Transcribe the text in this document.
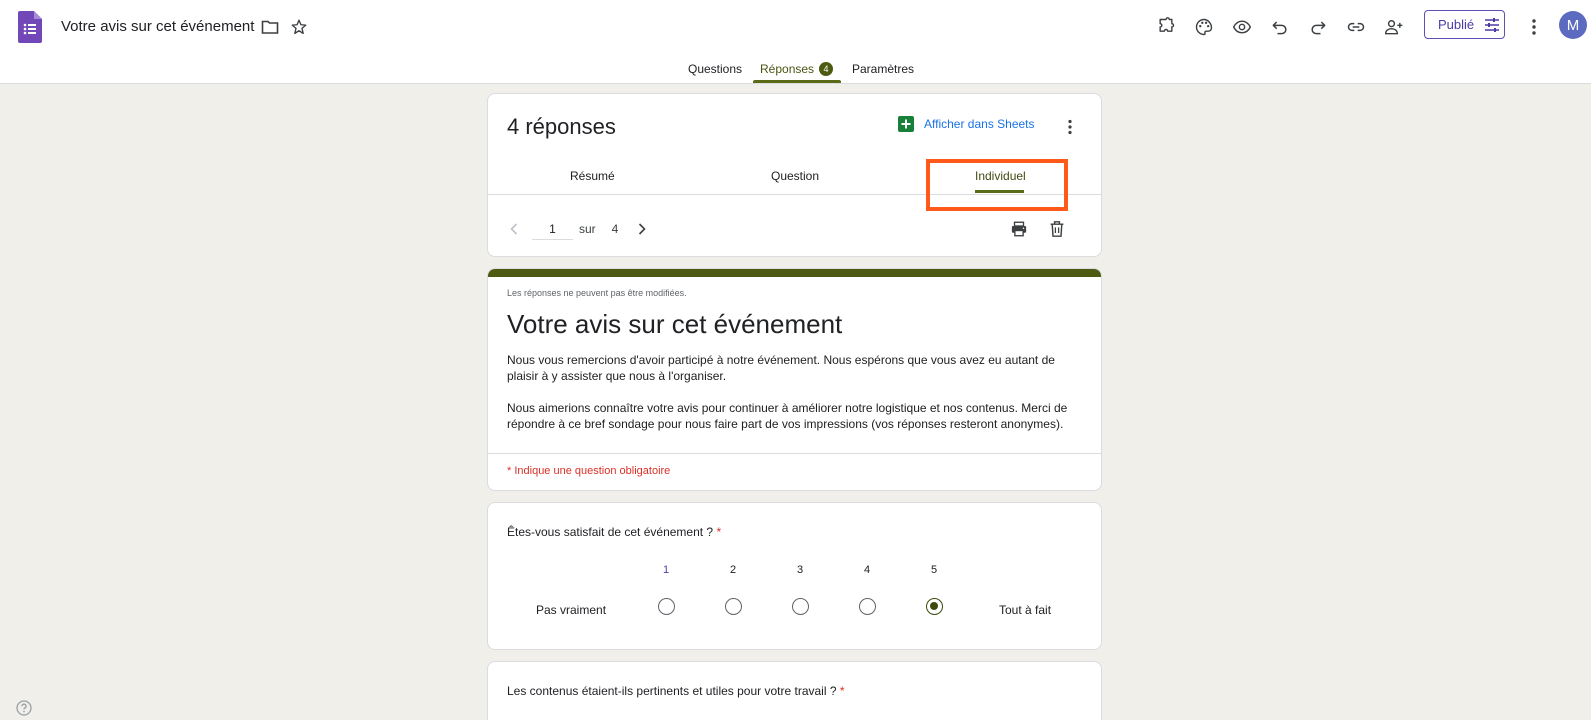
Votre avis sur cet événement	Publié	M
Questions Réponses 4	Paramètres
4 réponses	Afficher dans Sheets
Résumé	Question	Individuel
1
sur 4
Les réponses ne peuvent pas être modifiées.
Votre avis sur cet événement

Nous vous remercions d'avoir participé à notre événement. Nous espérons que vous avez eu autant de plaisir à y assister que nous à l'organiser.

Nous aimerions connaître votre avis pour continuer à améliorer notre logistique et nos contenus. Merci de répondre à ce bref sondage pour nous faire part de vos impressions (vos réponses resteront anonymes).

* Indique une question obligatoire
Êtes-vous satisfait de cet événement ? *
1	2	3	4	5
Pas vraiment	Tout à fait
Les contenus étaient-ils pertinents et utiles pour votre travail ? *
